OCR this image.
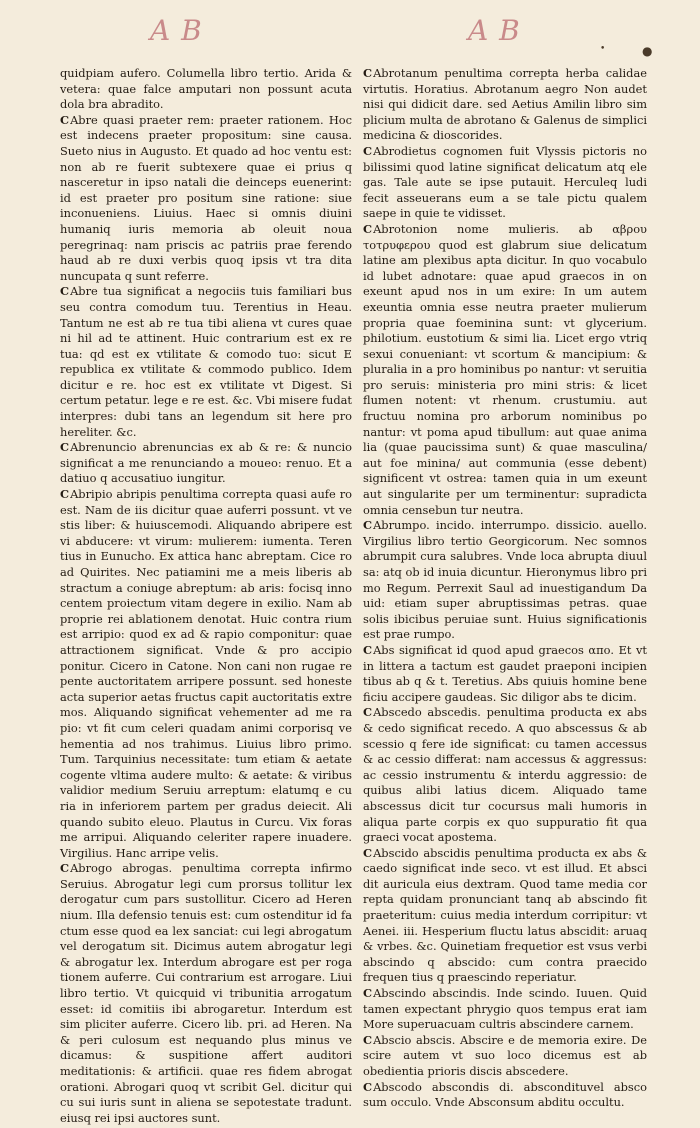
A B	A B
•	●

quidpiam aufero. Columella libro tertio. Arida & vetera: quae falce amputari non possunt acuta dola bra abradito.

C Abre quasi praeter rem: praeter rationem. Hoc est indecens praeter propositum: sine causa. Sueto nius in Augusto. Et quado ad hoc ventu est: non ab re fuerit subtexere quae ei prius q nasceretur in ipso natali die deinceps euenerint: id est praeter pro positum sine ratione: siue inconueniens. Liuius. Haec si omnis diuini humaniq iuris memoria ab oleuit noua peregrinaq: nam priscis ac patriis prae ferendo haud ab re duxi verbis quoq ipsis vt tra dita nuncupata q sunt referre.

C Abre tua significat a negociis tuis familiari bus seu contra comodum tuu. Terentius in Heau. Tantum ne est ab re tua tibi aliena vt cures quae ni hil ad te attinent. Huic contrarium est ex re tua: qd est ex vtilitate & comodo tuo: sicut E republica ex vtilitate & commodo publico. Idem dicitur e re. hoc est ex vtilitate vt Digest. Si certum petatur. lege e re est. &c. Vbi misere fudat interpres: dubi tans an legendum sit here pro hereliter. &c.

C Abrenuncio abrenuncias ex ab & re: & nuncio significat a me renunciando a moueo: renuo. Et a datiuo q accusatiuo iungitur.

C Abripio abripis penultima correpta quasi aufe ro est. Nam de iis dicitur quae auferri possunt. vt ve stis liber: & huiuscemodi. Aliquando abripere est vi abducere: vt virum: mulierem: iumenta. Teren tius in Eunucho. Ex attica hanc abreptam. Cice ro ad Quirites. Nec patiamini me a meis liberis ab stractum a coniuge abreptum: ab aris: focisq inno centem proiectum vitam degere in exilio. Nam ab proprie rei ablationem denotat. Huic contra rium est arripio: quod ex ad & rapio componitur: quae attractionem significat. Vnde & pro accipio ponitur. Cicero in Catone. Non cani non rugae re pente auctoritatem arripere possunt. sed honeste acta superior aetas fructus capit auctoritatis extre mos. Aliquando significat vehementer ad me ra pio: vt fit cum celeri quadam animi corporisq ve hementia ad nos trahimus. Liuius libro primo. Tum. Tarquinius necessitate: tum etiam & aetate cogente vltima audere multo: & aetate: & viribus validior medium Seruiu arreptum: elatumq e cu ria in inferiorem partem per gradus deiecit. Ali quando subito eleuo. Plautus in Curcu. Vix foras me arripui. Aliquando celeriter rapere inuadere. Virgilius. Hanc arripe velis.

C Abrogo abrogas. penultima correpta infirmo Seruius. Abrogatur legi cum prorsus tollitur lex derogatur cum pars sustollitur. Cicero ad Heren nium. Illa defensio tenuis est: cum ostenditur id fa ctum esse quod ea lex sanciat: cui legi abrogatum vel derogatum sit. Dicimus autem abrogatur legi & abrogatur lex. Interdum abrogare est per roga tionem auferre. Cui contrarium est arrogare. Liui libro tertio. Vt quicquid vi tribunitia arrogatum esset: id comitiis ibi abrogaretur. Interdum est sim pliciter auferre. Cicero lib. pri. ad Heren. Na & peri culosum est nequando plus minus ve dicamus: & suspitione affert auditori meditationis: & artificii. quae res fidem abrogat orationi. Abrogari quoq vt scribit Gel. dicitur qui cu sui iuris sunt in aliena se sepotestate tradunt. eiusq rei ipsi auctores sunt.

C Abrotanum penultima correpta herba calidae virtutis. Horatius. Abrotanum aegro Non audet nisi qui didicit dare. sed Aetius Amilin libro sim plicium multa de abrotano & Galenus de simplici medicina & dioscorides.

C Abrodietus cognomen fuit Vlyssis pictoris no bilissimi quod latine significat delicatum atq ele gas. Tale aute se ipse putauit. Herculeq ludi fecit asseuerans eum a se tale pictu qualem saepe in quie te vidisset.

C Abrotonion nome mulieris. ab αβρου τοτρυφερου quod est glabrum siue delicatum latine am plexibus apta dicitur. In quo vocabulo id lubet adnotare: quae apud graecos in on exeunt apud nos in um exire: In um autem exeuntia omnia esse neutra praeter mulierum propria quae foeminina sunt: vt glycerium. philotium. eustotium & simi lia. Licet ergo vtriq sexui conueniant: vt scortum & mancipium: & pluralia in a pro hominibus po nantur: vt seruitia pro seruis: ministeria pro mini stris: & licet flumen notent: vt rhenum. crustumiu. aut fructuu nomina pro arborum nominibus po nantur: vt poma apud tibullum: aut quae anima lia (quae paucissima sunt) & quae masculina/ aut foe minina/ aut communia (esse debent) significent vt ostrea: tamen quia in um exeunt aut singularite per um terminentur: supradicta omnia censebun tur neutra.

C Abrumpo. incido. interrumpo. dissicio. auello. Virgilius libro tertio Georgicorum. Nec somnos abrumpit cura salubres. Vnde loca abrupta diuul sa: atq ob id inuia dicuntur. Hieronymus libro pri mo Regum. Perrexit Saul ad inuestigandum Da uid: etiam super abruptissimas petras. quae solis ibicibus peruiae sunt. Huius significationis est prae rumpo.

C Abs significat id quod apud graecos απο. Et vt in littera a tactum est gaudet praeponi incipien tibus ab q & t. Teretius. Abs quiuis homine bene ficiu accipere gaudeas. Sic diligor abs te dicim.

C Abscedo abscedis. penultima producta ex abs & cedo significat recedo. A quo abscessus & ab scessio q fere ide significat: cu tamen accessus & ac cessio differat: nam accessus & aggressus: ac cessio instrumentu & interdu aggressio: de quibus alibi latius dicem. Aliquado tame abscessus dicit tur cocursus mali humoris in aliqua parte corpis ex quo suppuratio fit qua graeci vocat apostema.

C Abscido abscidis penultima producta ex abs & caedo significat inde seco. vt est illud. Et absci dit auricula eius dextram. Quod tame media cor repta quidam pronunciant tanq ab abscindo fit praeteritum: cuius media interdum corripitur: vt Aenei. iii. Hesperium fluctu latus abscidit: aruaq & vrbes. &c. Quinetiam frequetior est vsus verbi abscindo q abscido: cum contra praecido frequen tius q praescindo reperiatur.

C Abscindo abscindis. Inde scindo. Iuuen. Quid tamen expectant phrygio quos tempus erat iam More superuacuam cultris abscindere carnem.

C Abscio abscis. Abscire e de memoria exire. De scire autem vt suo loco dicemus est ab obedientia prioris discis abscedere.

C Abscodo abscondis di. abscondituvel absco sum occulo. Vnde Absconsum abditu occultu.
